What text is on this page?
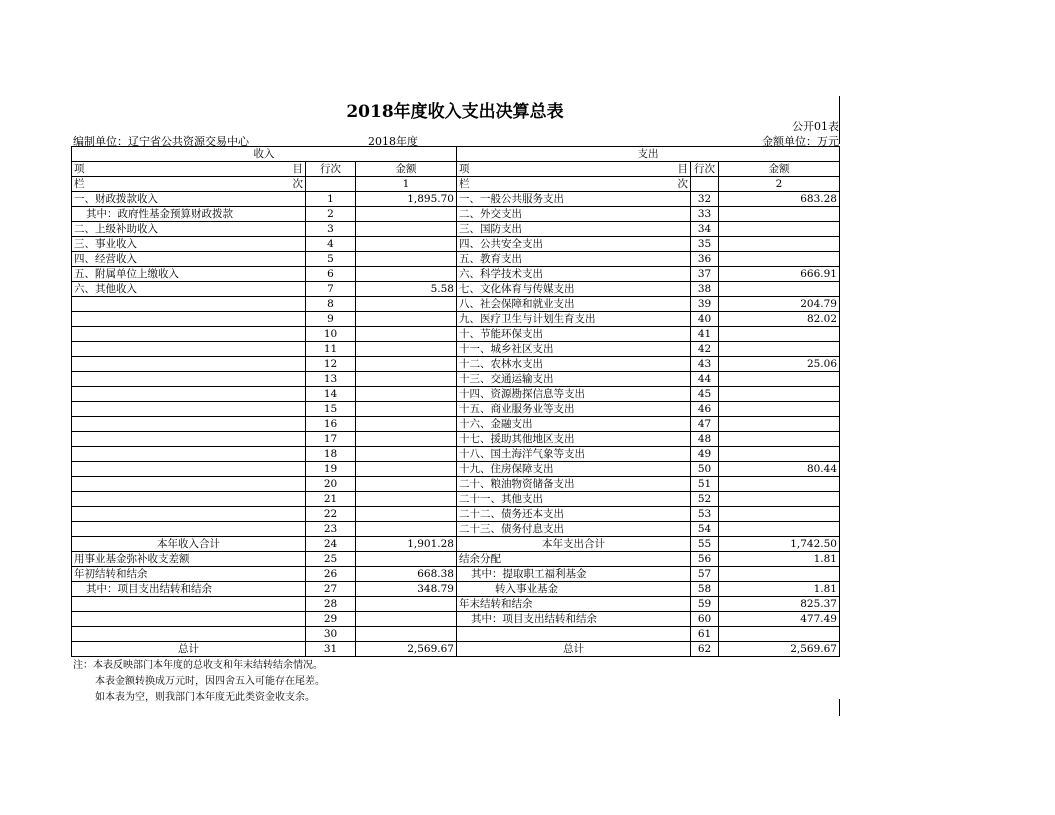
2018年度收入支出决算总表
公开01表
编制单位：辽宁省公共资源交易中心	2018年度	金额单位：万元
收入			支出		

项 目	行次	金额	项 目	行次	金额

栏 次		1	栏 次		2
一、财政拨款收入	1	1,895.70	一、一般公共服务支出	32	683.28
其中：政府性基金预算财政拨款	2		二、外交支出	33	
二、上级补助收入	3		三、国防支出	34	
三、事业收入	4		四、公共安全支出	35	
四、经营收入	5		五、教育支出	36	
五、附属单位上缴收入	6		六、科学技术支出	37	666.91
六、其他收入	7	5.58	七、文化体育与传媒支出	38	
	8		八、社会保障和就业支出	39	204.79
	9		九、医疗卫生与计划生育支出	40	82.02
	10		十、节能环保支出	41	
	11		十一、城乡社区支出	42	
	12		十二、农林水支出	43	25.06
	13		十三、交通运输支出	44	
	14		十四、资源勘探信息等支出	45	
	15		十五、商业服务业等支出	46	
	16		十六、金融支出	47	
	17		十七、援助其他地区支出	48	
	18		十八、国土海洋气象等支出	49	
	19		十九、住房保障支出	50	80.44
	20		二十、粮油物资储备支出	51	
	21		二十一、其他支出	52	
	22		二十二、债务还本支出	53	
	23		二十三、债务付息支出	54	
本年收入合计	24	1,901.28	本年支出合计	55	1,742.50
用事业基金弥补收支差额	25		结余分配	56	1.81
年初结转和结余	26	668.38	其中：提取职工福利基金	57	
其中：项目支出结转和结余	27	348.79	转入事业基金	58	1.81
	28		年末结转和结余	59	825.37
	29		其中：项目支出结转和结余	60	477.49
	30			61	
总计	31	2,569.67	总计	62	2,569.67
注：本表反映部门本年度的总收支和年末结转结余情况。
本表金额转换成万元时，因四舍五入可能存在尾差。
如本表为空，则我部门本年度无此类资金收支余。
